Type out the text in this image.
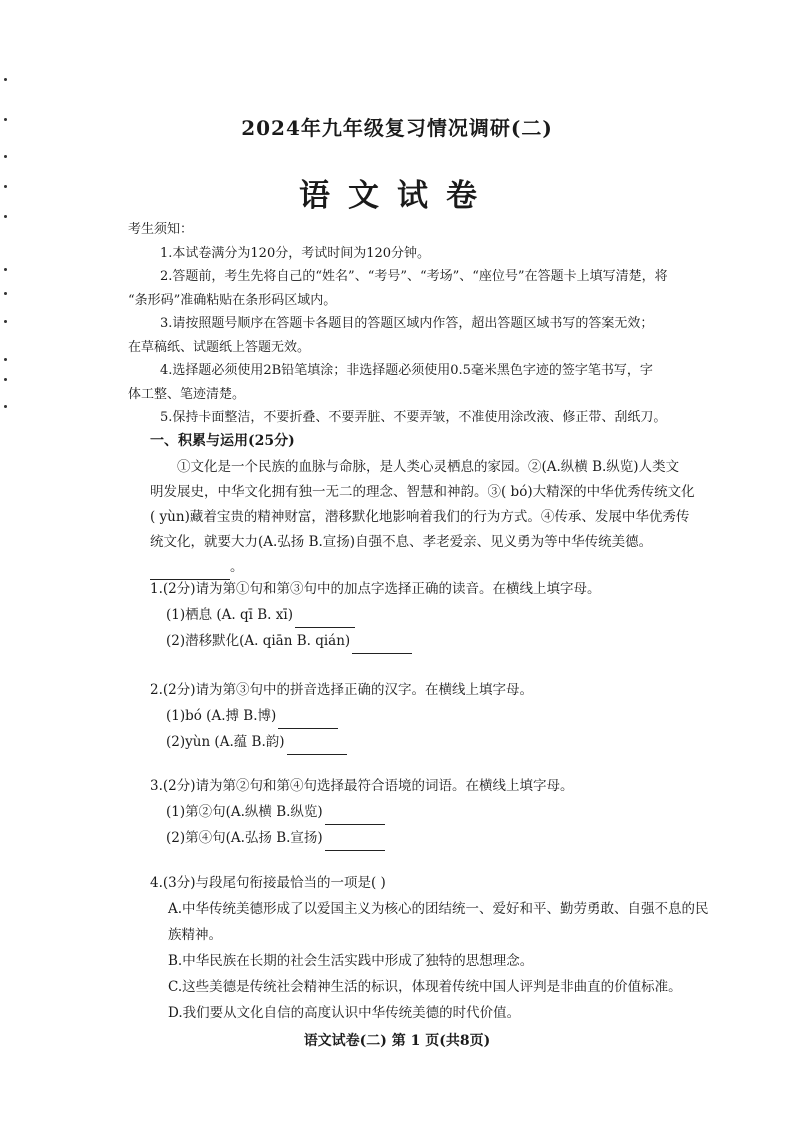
2024年九年级复习情况调研(二)
语文试卷
考生须知：

1.本试卷满分为120分，考试时间为120分钟。

2.答题前，考生先将自己的“姓名”、“考号”、“考场”、“座位号”在答题卡上填写清楚，将

“条形码”准确粘贴在条形码区域内。

3.请按照题号顺序在答题卡各题目的答题区域内作答，超出答题区域书写的答案无效；

在草稿纸、试题纸上答题无效。

4.选择题必须使用2B铅笔填涂；非选择题必须使用0.5毫米黑色字迹的签字笔书写，字

体工整、笔迹清楚。

5.保持卡面整洁，不要折叠、不要弄脏、不要弄皱，不准使用涂改液、修正带、刮纸刀。

一、积累与运用(25分)

①文化是一个民族的血脉与命脉，是人类心灵栖息的家园。②(A.纵横 B.纵览)人类文

明发展史，中华文化拥有独一无二的理念、智慧和神韵。③( bó)大精深的中华优秀传统文化

( yùn)藏着宝贵的精神财富，潜移默化地影响着我们的行为方式。④传承、发展中华优秀传

统文化，就要大力(A.弘扬 B.宣扬)自强不息、孝老爱亲、见义勇为等中华传统美德。

。

1.(2分)请为第①句和第③句中的加点字选择正确的读音。在横线上填字母。

(1)栖息 (A. qī B. xī)

(2)潜移默化(A. qiān B. qián)

2.(2分)请为第③句中的拼音选择正确的汉字。在横线上填字母。

(1)bó (A.搏 B.博)

(2)yùn (A.蕴 B.韵)

3.(2分)请为第②句和第④句选择最符合语境的词语。在横线上填字母。

(1)第②句(A.纵横 B.纵览)

(2)第④句(A.弘扬 B.宣扬)

4.(3分)与段尾句衔接最恰当的一项是( )

A.中华传统美德形成了以爱国主义为核心的团结统一、爱好和平、勤劳勇敢、自强不息的民

族精神。

B.中华民族在长期的社会生活实践中形成了独特的思想理念。

C.这些美德是传统社会精神生活的标识，体现着传统中国人评判是非曲直的价值标准。

D.我们要从文化自信的高度认识中华传统美德的时代价值。

语文试卷(二) 第 1 页(共8页)
